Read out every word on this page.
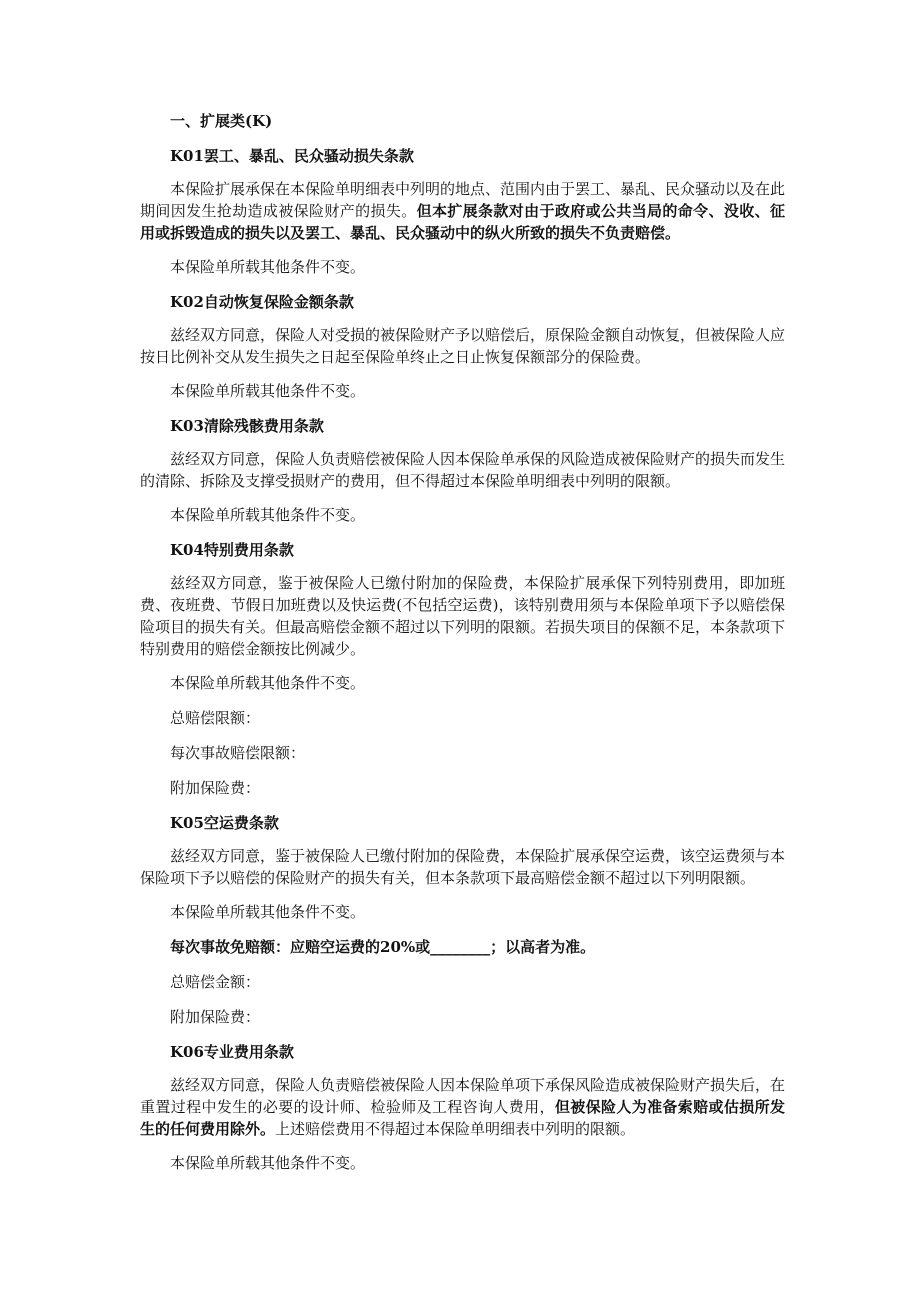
一、扩展类(K)
K01罢工、暴乱、民众骚动损失条款
本保险扩展承保在本保险单明细表中列明的地点、范围内由于罢工、暴乱、民众骚动以及在此期间因发生抢劫造成被保险财产的损失。但本扩展条款对由于政府或公共当局的命令、没收、征用或拆毁造成的损失以及罢工、暴乱、民众骚动中的纵火所致的损失不负责赔偿。
本保险单所载其他条件不变。
K02自动恢复保险金额条款
兹经双方同意，保险人对受损的被保险财产予以赔偿后，原保险金额自动恢复，但被保险人应按日比例补交从发生损失之日起至保险单终止之日止恢复保额部分的保险费。
本保险单所载其他条件不变。
K03清除残骸费用条款
兹经双方同意，保险人负责赔偿被保险人因本保险单承保的风险造成被保险财产的损失而发生的清除、拆除及支撑受损财产的费用，但不得超过本保险单明细表中列明的限额。
本保险单所载其他条件不变。
K04特别费用条款
兹经双方同意，鉴于被保险人已缴付附加的保险费，本保险扩展承保下列特别费用，即加班费、夜班费、节假日加班费以及快运费(不包括空运费)，该特别费用须与本保险单项下予以赔偿保险项目的损失有关。但最高赔偿金额不超过以下列明的限额。若损失项目的保额不足，本条款项下特别费用的赔偿金额按比例减少。
本保险单所载其他条件不变。
总赔偿限额：
每次事故赔偿限额：
附加保险费：
K05空运费条款
兹经双方同意，鉴于被保险人已缴付附加的保险费，本保险扩展承保空运费，该空运费须与本保险项下予以赔偿的保险财产的损失有关，但本条款项下最高赔偿金额不超过以下列明限额。
本保险单所载其他条件不变。
每次事故免赔额：应赔空运费的20%或________；以高者为准。
总赔偿金额：
附加保险费：
K06专业费用条款
兹经双方同意，保险人负责赔偿被保险人因本保险单项下承保风险造成被保险财产损失后，在重置过程中发生的必要的设计师、检验师及工程咨询人费用，但被保险人为准备索赔或估损所发生的任何费用除外。上述赔偿费用不得超过本保险单明细表中列明的限额。
本保险单所载其他条件不变。
